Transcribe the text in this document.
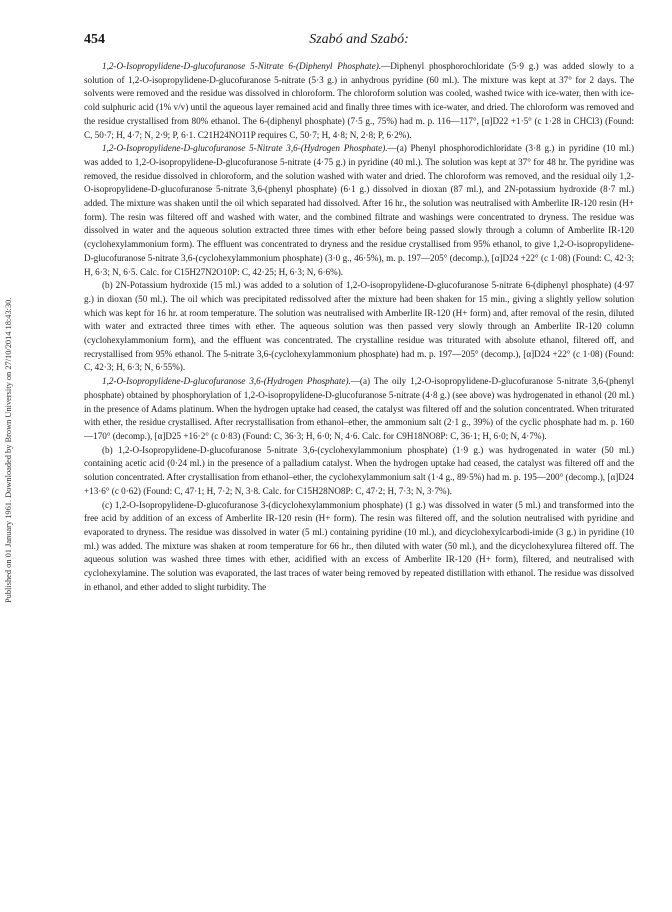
Published on 01 January 1961. Downloaded by Brown University on 27/10/2014 18:43:30.
454	Szabó and Szabó:

1,2-O-Isopropylidene-D-glucofuranose 5-Nitrate 6-(Diphenyl Phosphate).—Diphenyl phosphorochloridate (5·9 g.) was added slowly to a solution of 1,2-O-isopropylidene-D-glucofuranose 5-nitrate (5·3 g.) in anhydrous pyridine (60 ml.). The mixture was kept at 37° for 2 days. The solvents were removed and the residue was dissolved in chloroform. The chloroform solution was cooled, washed twice with ice-water, then with ice-cold sulphuric acid (1% v/v) until the aqueous layer remained acid and finally three times with ice-water, and dried. The chloroform was removed and the residue crystallised from 80% ethanol. The 6-(diphenyl phosphate) (7·5 g., 75%) had m. p. 116—117°, [α]D22 +1·5° (c 1·28 in CHCl3) (Found: C, 50·7; H, 4·7; N, 2·9; P, 6·1. C21H24NO11P requires C, 50·7; H, 4·8; N, 2·8; P, 6·2%).

1,2-O-Isopropylidene-D-glucofuranose 5-Nitrate 3,6-(Hydrogen Phosphate).—(a) Phenyl phosphorodichloridate (3·8 g.) in pyridine (10 ml.) was added to 1,2-O-isopropylidene-D-glucofuranose 5-nitrate (4·75 g.) in pyridine (40 ml.). The solution was kept at 37° for 48 hr. The pyridine was removed, the residue dissolved in chloroform, and the solution washed with water and dried. The chloroform was removed, and the residual oily 1,2-O-isopropylidene-D-glucofuranose 5-nitrate 3,6-(phenyl phosphate) (6·1 g.) dissolved in dioxan (87 ml.), and 2N-potassium hydroxide (8·7 ml.) added. The mixture was shaken until the oil which separated had dissolved. After 16 hr., the solution was neutralised with Amberlite IR-120 resin (H+ form). The resin was filtered off and washed with water, and the combined filtrate and washings were concentrated to dryness. The residue was dissolved in water and the aqueous solution extracted three times with ether before being passed slowly through a column of Amberlite IR-120 (cyclohexylammonium form). The effluent was concentrated to dryness and the residue crystallised from 95% ethanol, to give 1,2-O-isopropylidene-D-glucofuranose 5-nitrate 3,6-(cyclohexylammonium phosphate) (3·0 g., 46·5%), m. p. 197—205° (decomp.), [α]D24 +22° (c 1·08) (Found: C, 42·3; H, 6·3; N, 6·5. Calc. for C15H27N2O10P: C, 42·25; H, 6·3; N, 6·6%).

(b) 2N-Potassium hydroxide (15 ml.) was added to a solution of 1,2-O-isopropylidene-D-glucofuranose 5-nitrate 6-(diphenyl phosphate) (4·97 g.) in dioxan (50 ml.). The oil which was precipitated redissolved after the mixture had been shaken for 15 min., giving a slightly yellow solution which was kept for 16 hr. at room temperature. The solution was neutralised with Amberlite IR-120 (H+ form) and, after removal of the resin, diluted with water and extracted three times with ether. The aqueous solution was then passed very slowly through an Amberlite IR-120 column (cyclohexylammonium form), and the effluent was concentrated. The crystalline residue was triturated with absolute ethanol, filtered off, and recrystallised from 95% ethanol. The 5-nitrate 3,6-(cyclohexylammonium phosphate) had m. p. 197—205° (decomp.), [α]D24 +22° (c 1·08) (Found: C, 42·3; H, 6·3; N, 6·55%).

1,2-O-Isopropylidene-D-glucofuranose 3,6-(Hydrogen Phosphate).—(a) The oily 1,2-O-isopropylidene-D-glucofuranose 5-nitrate 3,6-(phenyl phosphate) obtained by phosphorylation of 1,2-O-isopropylidene-D-glucofuranose 5-nitrate (4·8 g.) (see above) was hydrogenated in ethanol (20 ml.) in the presence of Adams platinum. When the hydrogen uptake had ceased, the catalyst was filtered off and the solution concentrated. When triturated with ether, the residue crystallised. After recrystallisation from ethanol–ether, the ammonium salt (2·1 g., 39%) of the cyclic phosphate had m. p. 160—170° (decomp.), [α]D25 +16·2° (c 0·83) (Found: C, 36·3; H, 6·0; N, 4·6. Calc. for C9H18NO8P: C, 36·1; H, 6·0; N, 4·7%).

(b) 1,2-O-Isopropylidene-D-glucofuranose 5-nitrate 3,6-(cyclohexylammonium phosphate) (1·9 g.) was hydrogenated in water (50 ml.) containing acetic acid (0·24 ml.) in the presence of a palladium catalyst. When the hydrogen uptake had ceased, the catalyst was filtered off and the solution concentrated. After crystallisation from ethanol–ether, the cyclohexylammonium salt (1·4 g., 89·5%) had m. p. 195—200° (decomp.), [α]D24 +13·6° (c 0·62) (Found: C, 47·1; H, 7·2; N, 3·8. Calc. for C15H28NO8P: C, 47·2; H, 7·3; N, 3·7%).

(c) 1,2-O-Isopropylidene-D-glucofuranose 3-(dicyclohexylammonium phosphate) (1 g.) was dissolved in water (5 ml.) and transformed into the free acid by addition of an excess of Amberlite IR-120 resin (H+ form). The resin was filtered off, and the solution neutralised with pyridine and evaporated to dryness. The residue was dissolved in water (5 ml.) containing pyridine (10 ml.), and dicyclohexylcarbodi-imide (3 g.) in pyridine (10 ml.) was added. The mixture was shaken at room temperature for 66 hr., then diluted with water (50 ml.), and the dicyclohexylurea filtered off. The aqueous solution was washed three times with ether, acidified with an excess of Amberlite IR-120 (H+ form), filtered, and neutralised with cyclohexylamine. The solution was evaporated, the last traces of water being removed by repeated distillation with ethanol. The residue was dissolved in ethanol, and ether added to slight turbidity. The
